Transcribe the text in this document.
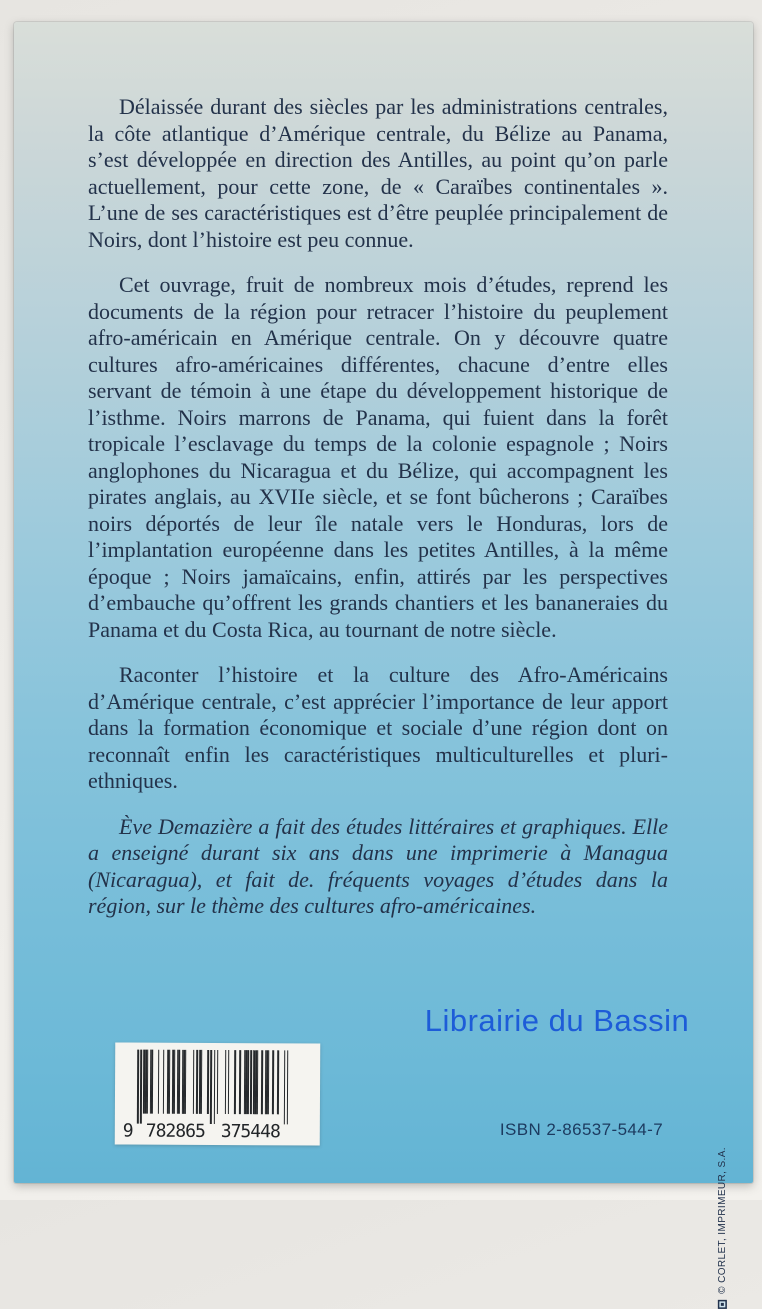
Délaissée durant des siècles par les administrations centrales, la côte atlantique d’Amérique centrale, du Bélize au Panama, s’est développée en direction des Antilles, au point qu’on parle actuellement, pour cette zone, de « Caraïbes continentales ». L’une de ses caractéristiques est d’être peuplée principalement de Noirs, dont l’histoire est peu connue.

Cet ouvrage, fruit de nombreux mois d’études, reprend les documents de la région pour retracer l’histoire du peuplement afro-américain en Amérique centrale. On y découvre quatre cultures afro-américaines différentes, chacune d’entre elles servant de témoin à une étape du développement historique de l’isthme. Noirs marrons de Panama, qui fuient dans la forêt tropicale l’esclavage du temps de la colonie espagnole ; Noirs anglophones du Nicaragua et du Bélize, qui accompagnent les pirates anglais, au XVIIe siècle, et se font bûcherons ; Caraïbes noirs déportés de leur île natale vers le Honduras, lors de l’implantation européenne dans les petites Antilles, à la même époque ; Noirs jamaïcains, enfin, attirés par les perspectives d’embauche qu’offrent les grands chantiers et les bananeraies du Panama et du Costa Rica, au tournant de notre siècle.

Raconter l’histoire et la culture des Afro-Américains d’Amérique centrale, c’est apprécier l’importance de leur apport dans la formation économique et sociale d’une région dont on reconnaît enfin les caractéristiques multiculturelles et pluri-ethniques.

Ève Demazière a fait des études littéraires et graphiques. Elle a enseigné durant six ans dans une imprimerie à Managua (Nicaragua), et fait de. fréquents voyages d’études dans la région, sur le thème des cultures afro-américaines.

Librairie du Bassin
9 782865 375448	ISBN 2-86537-544-7
© CORLET, IMPRIMEUR, S.A.
